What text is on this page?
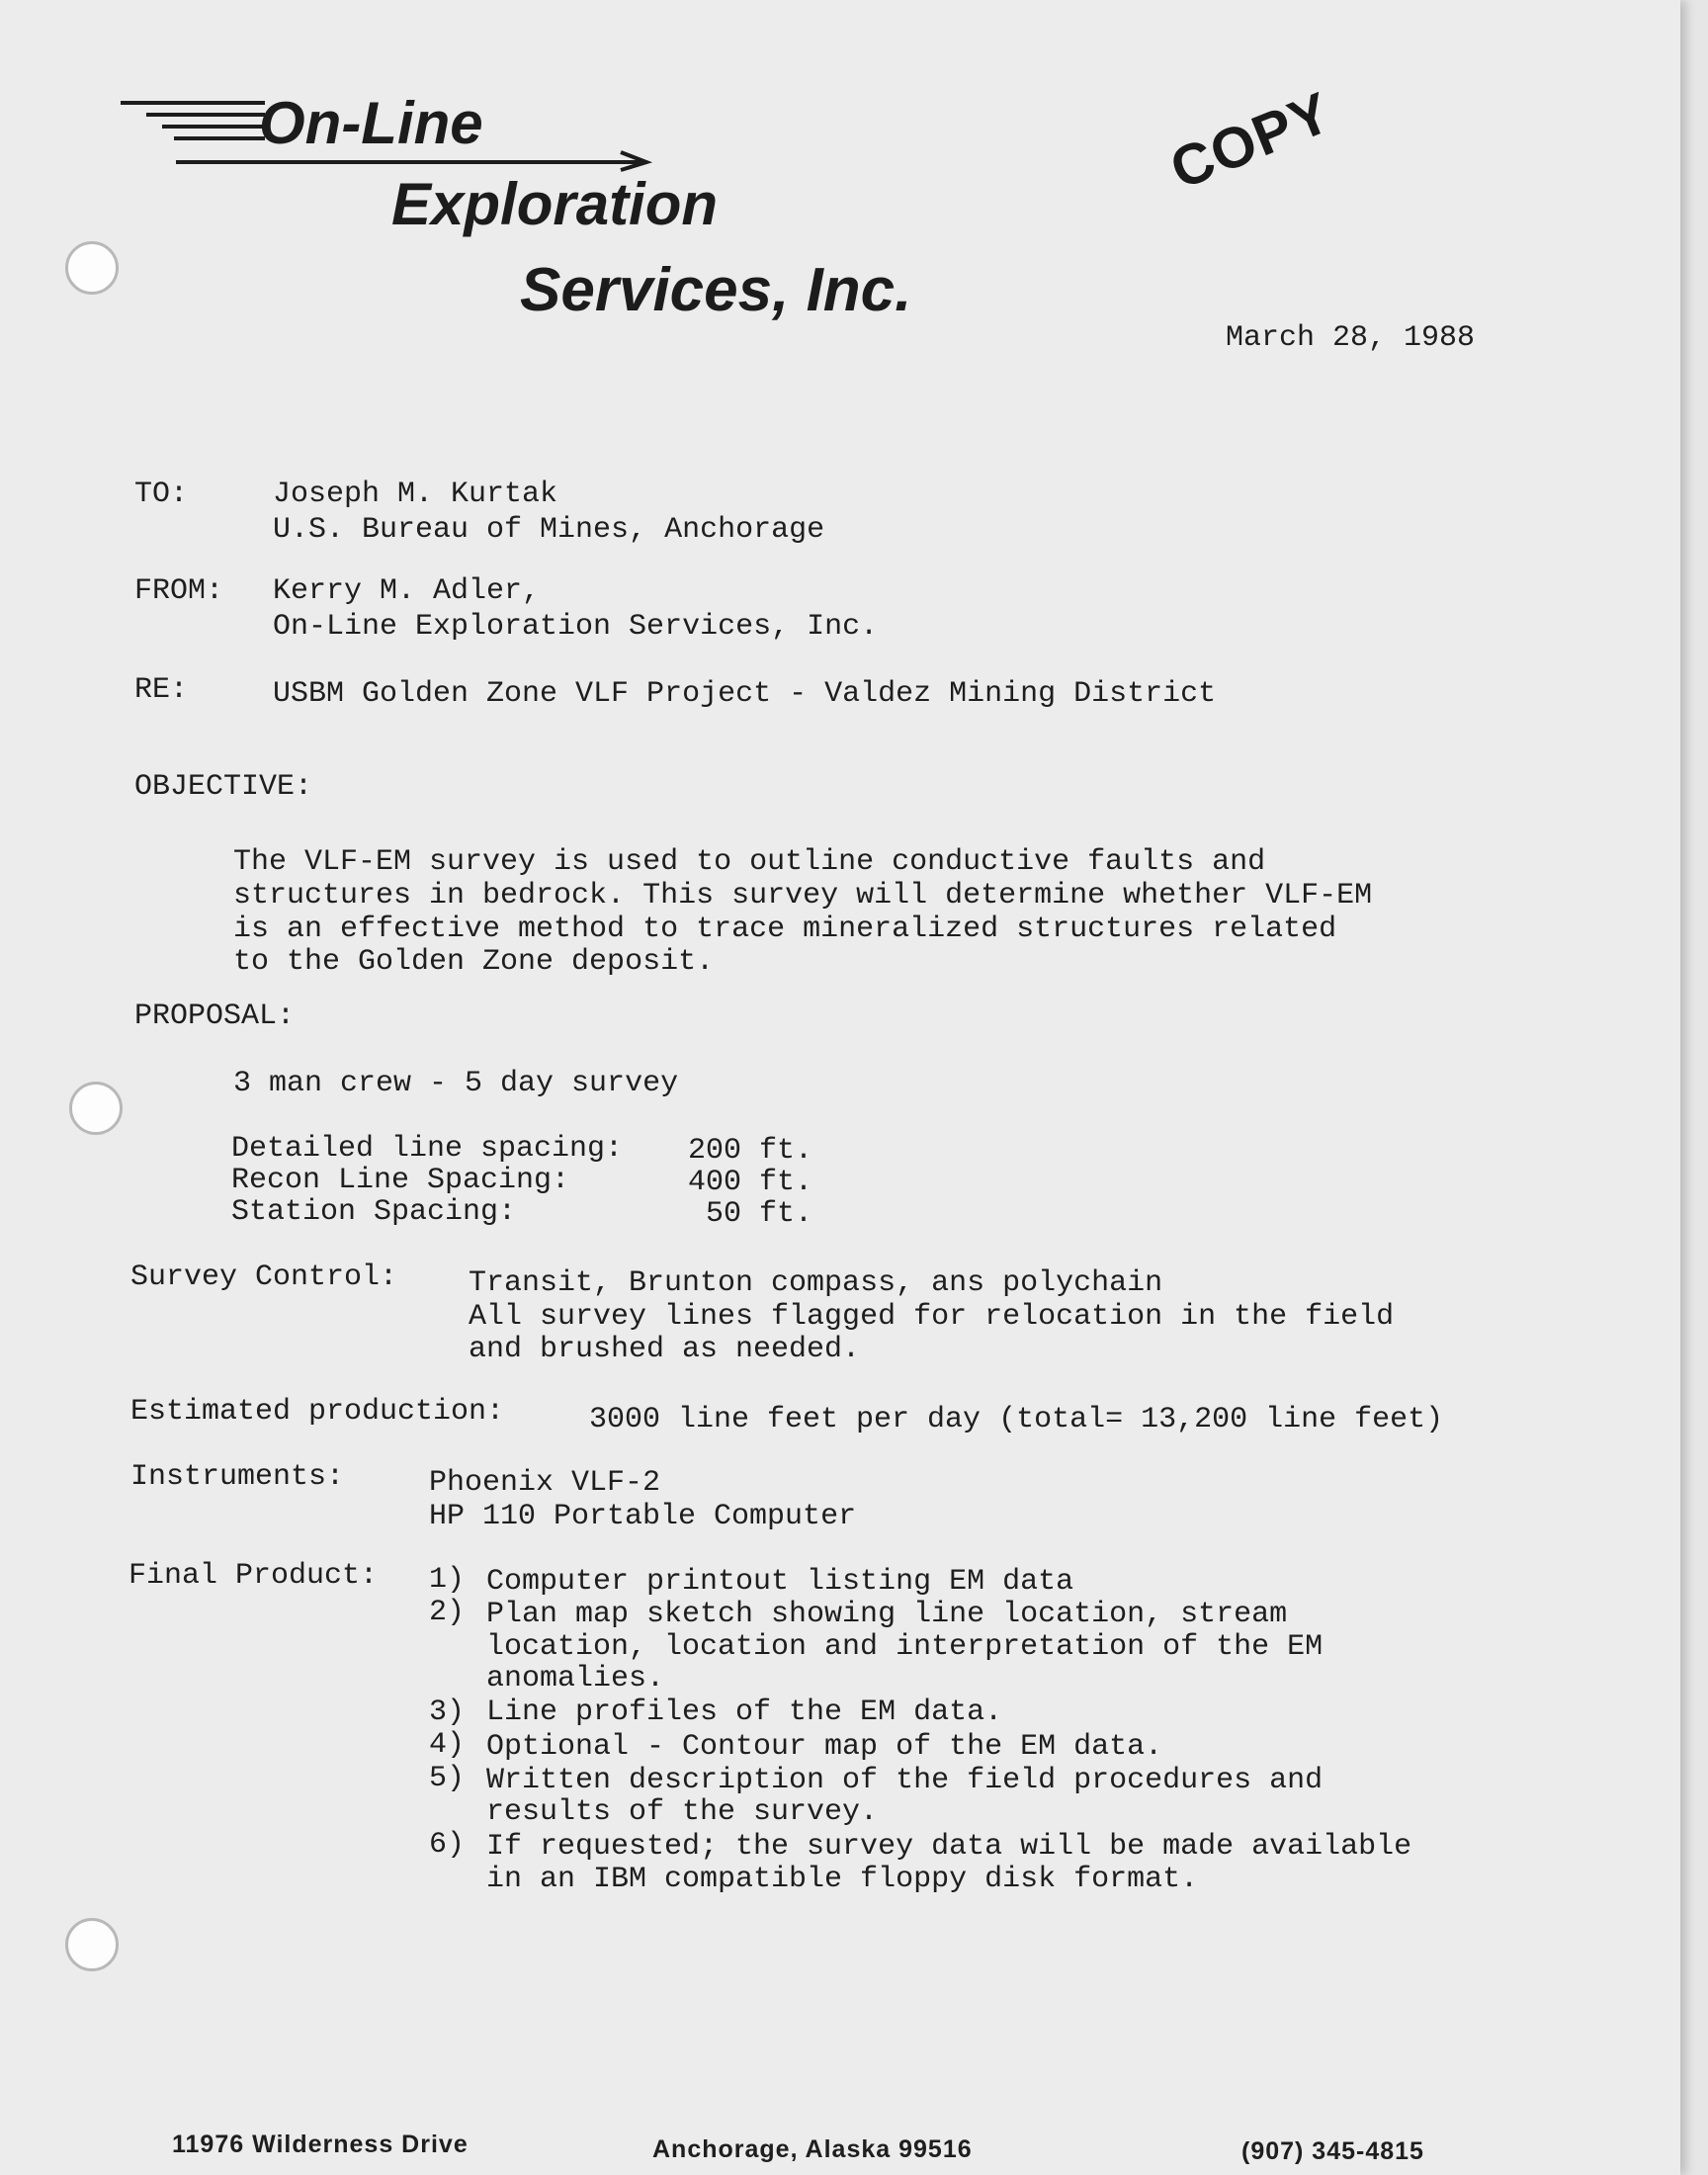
On-Line
Exploration
Services, Inc.
COPY
March 28, 1988
TO:	Joseph M. Kurtak
U.S. Bureau of Mines, Anchorage
FROM: Kerry M. Adler,
On-Line Exploration Services, Inc.
RE:	USBM Golden Zone VLF Project - Valdez Mining District
OBJECTIVE:
The VLF-EM survey is used to outline conductive faults and
structures in bedrock. This survey will determine whether VLF-EM
is an effective method to trace mineralized structures related
to the Golden Zone deposit.
PROPOSAL:
3 man crew - 5 day survey
Detailed line spacing: 200 ft.
Recon Line Spacing:	400 ft.
Station Spacing:	50 ft.
Survey Control: Transit, Brunton compass, ans polychain
All survey lines flagged for relocation in the field
and brushed as needed.
Estimated production:	3000 line feet per day (total= 13,200 line feet)
Instruments:	Phoenix VLF-2
HP 110 Portable Computer
Final Product: 1) Computer printout listing EM data
2) Plan map sketch showing line location, stream
location, location and interpretation of the EM
anomalies.
3) Line profiles of the EM data.
4) Optional - Contour map of the EM data.
5) Written description of the field procedures and
results of the survey.
6) If requested; the survey data will be made available
in an IBM compatible floppy disk format.
11976 Wilderness Drive	Anchorage, Alaska 99516	(907) 345-4815
